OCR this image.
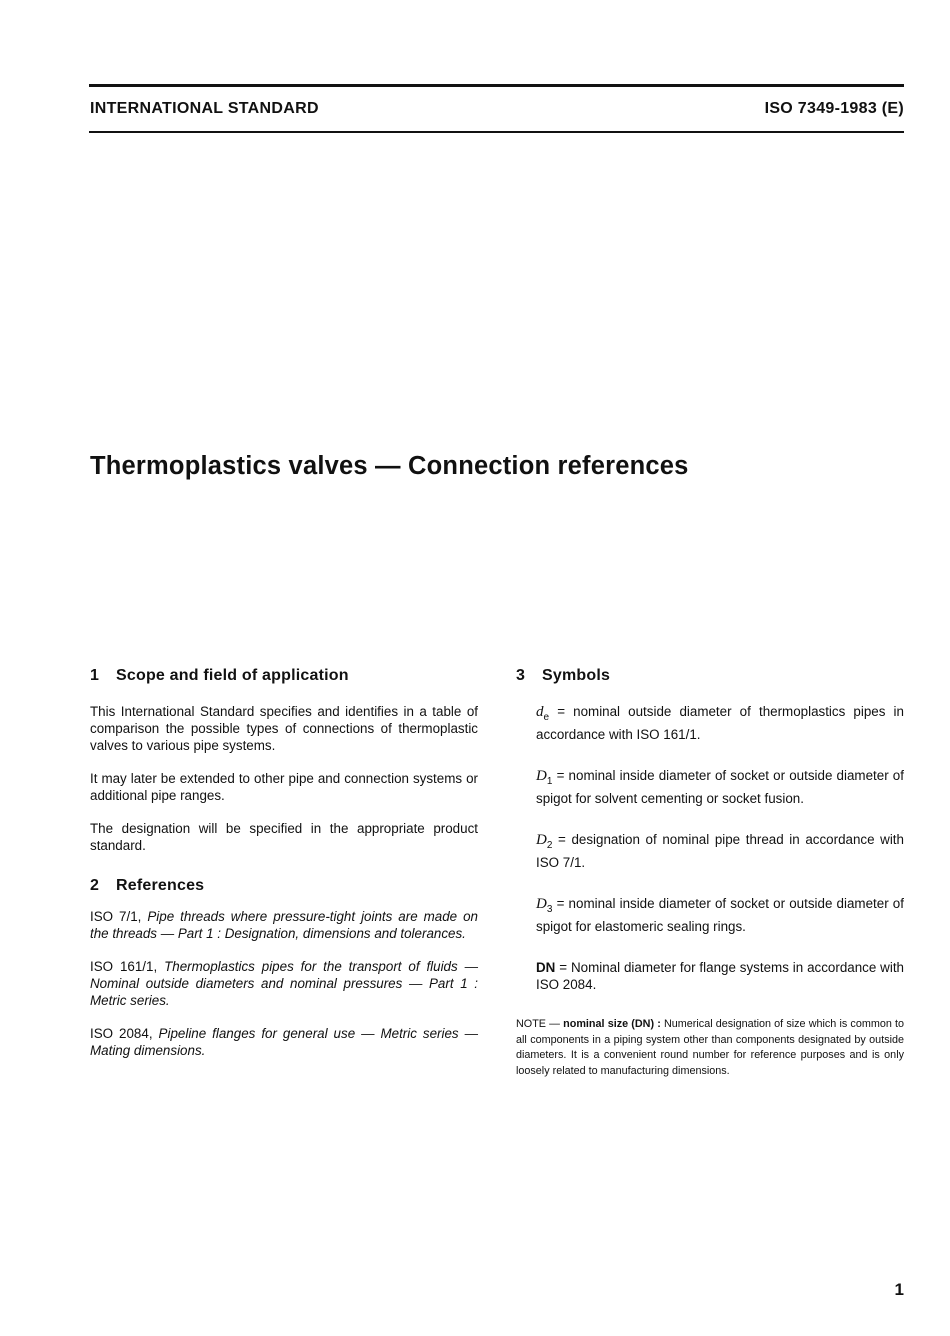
INTERNATIONAL STANDARD	ISO 7349-1983 (E)
Thermoplastics valves — Connection references
1 Scope and field of application

This International Standard specifies and identifies in a table of comparison the possible types of connections of thermoplastic valves to various pipe systems.

It may later be extended to other pipe and connection systems or additional pipe ranges.

The designation will be specified in the appropriate product standard.

2 References

ISO 7/1, Pipe threads where pressure-tight joints are made on the threads — Part 1 : Designation, dimensions and tolerances.

ISO 161/1, Thermoplastics pipes for the transport of fluids — Nominal outside diameters and nominal pressures — Part 1 : Metric series.

ISO 2084, Pipeline flanges for general use — Metric series — Mating dimensions.

3 Symbols

$d_e$ = nominal outside diameter of thermoplastics pipes in accordance with ISO 161/1.

$D_1$ = nominal inside diameter of socket or outside diameter of spigot for solvent cementing or socket fusion.

$D_2$ = designation of nominal pipe thread in accordance with ISO 7/1.

$D_3$ = nominal inside diameter of socket or outside diameter of spigot for elastomeric sealing rings.

DN = Nominal diameter for flange systems in accordance with ISO 2084.

NOTE — nominal size (DN) : Numerical designation of size which is common to all components in a piping system other than components designated by outside diameters. It is a convenient round number for reference purposes and is only loosely related to manufacturing dimensions.

1
